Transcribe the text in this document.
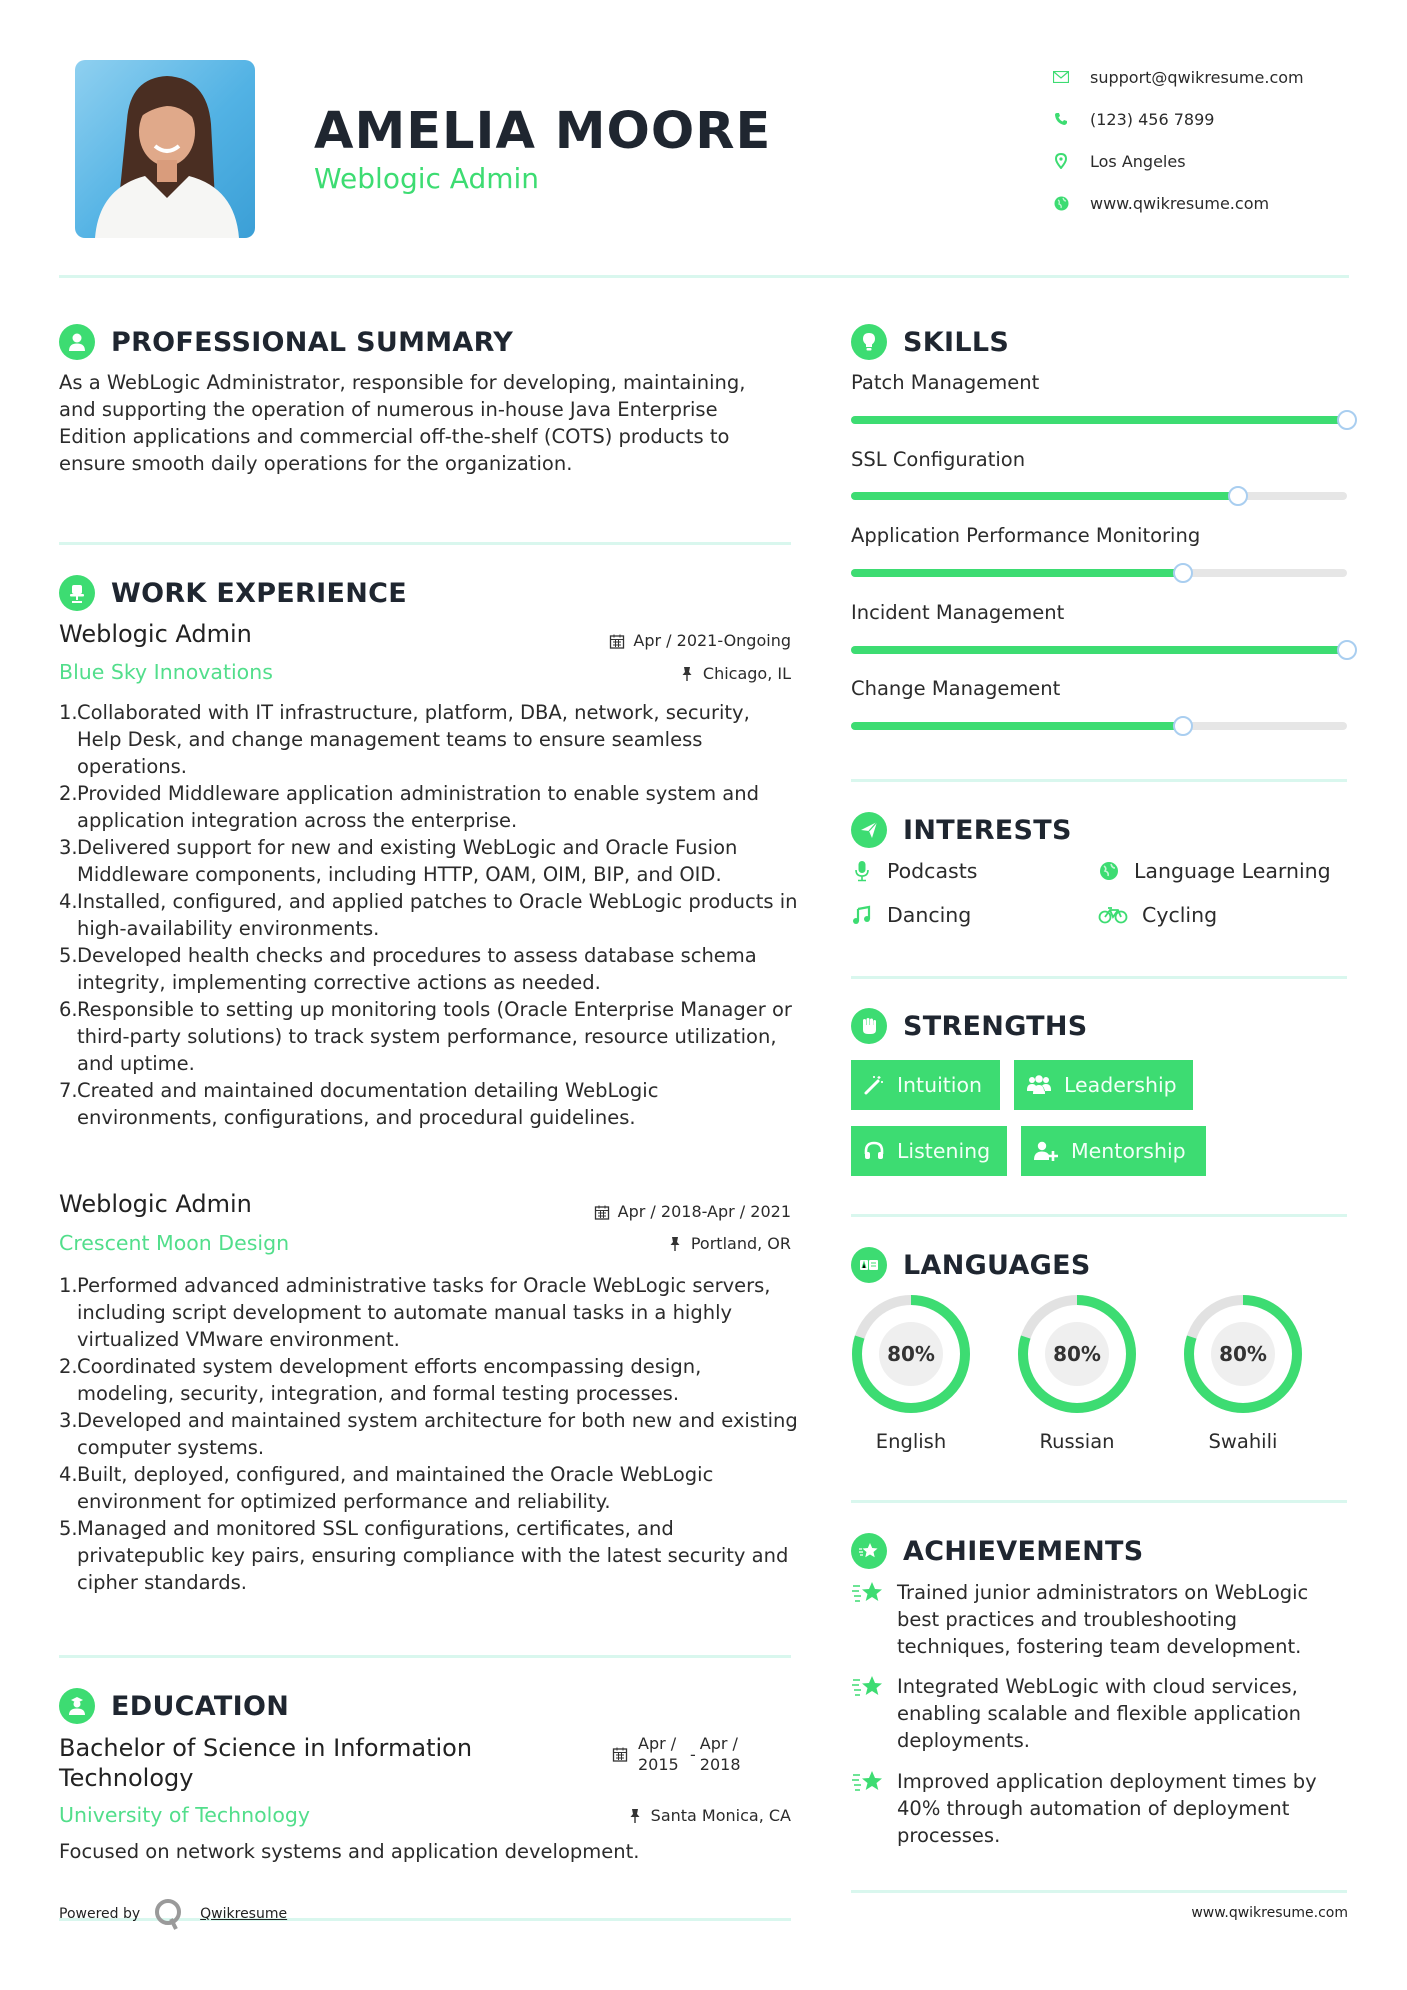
AMELIA MOORE
Weblogic Admin
support@qwikresume.com
(123) 456 7899
Los Angeles
www.qwikresume.com
PROFESSIONAL SUMMARY
As a WebLogic Administrator, responsible for developing, maintaining, and supporting the operation of numerous in-house Java Enterprise Edition applications and commercial off-the-shelf (COTS) products to ensure smooth daily operations for the organization.
WORK EXPERIENCE
Weblogic Admin	Apr / 2021-Ongoing
Blue Sky Innovations	Chicago, IL
1. Collaborated with IT infrastructure, platform, DBA, network, security, Help Desk, and change management teams to ensure seamless operations.
2. Provided Middleware application administration to enable system and application integration across the enterprise.
3. Delivered support for new and existing WebLogic and Oracle Fusion Middleware components, including HTTP, OAM, OIM, BIP, and OID.
4. Installed, configured, and applied patches to Oracle WebLogic products in high-availability environments.
5. Developed health checks and procedures to assess database schema integrity, implementing corrective actions as needed.
6. Responsible to setting up monitoring tools (Oracle Enterprise Manager or third-party solutions) to track system performance, resource utilization, and uptime.
7. Created and maintained documentation detailing WebLogic environments, configurations, and procedural guidelines.
Weblogic Admin	Apr / 2018-Apr / 2021
Crescent Moon Design	Portland, OR
1. Performed advanced administrative tasks for Oracle WebLogic servers, including script development to automate manual tasks in a highly virtualized VMware environment.
2. Coordinated system development efforts encompassing design, modeling, security, integration, and formal testing processes.
3. Developed and maintained system architecture for both new and existing computer systems.
4. Built, deployed, configured, and maintained the Oracle WebLogic environment for optimized performance and reliability.
5. Managed and monitored SSL configurations, certificates, and privatepublic key pairs, ensuring compliance with the latest security and cipher standards.
EDUCATION
Bachelor of Science in Information Technology
Apr / 2015
-
Apr / 2018
University of Technology	Santa Monica, CA
Focused on network systems and application development.
SKILLS
Patch Management
SSL Configuration
Application Performance Monitoring
Incident Management
Change Management
INTERESTS
Podcasts	Language Learning
Dancing	Cycling
STRENGTHS
Intuition	Leadership
Listening	Mentorship
LANGUAGES
80%
English
80%
Russian
80%
Swahili
ACHIEVEMENTS
Trained junior administrators on WebLogic best practices and troubleshooting techniques, fostering team development.
Integrated WebLogic with cloud services, enabling scalable and flexible application deployments.
Improved application deployment times by 40% through automation of deployment processes.
Powered by	Qwikresume	www.qwikresume.com
